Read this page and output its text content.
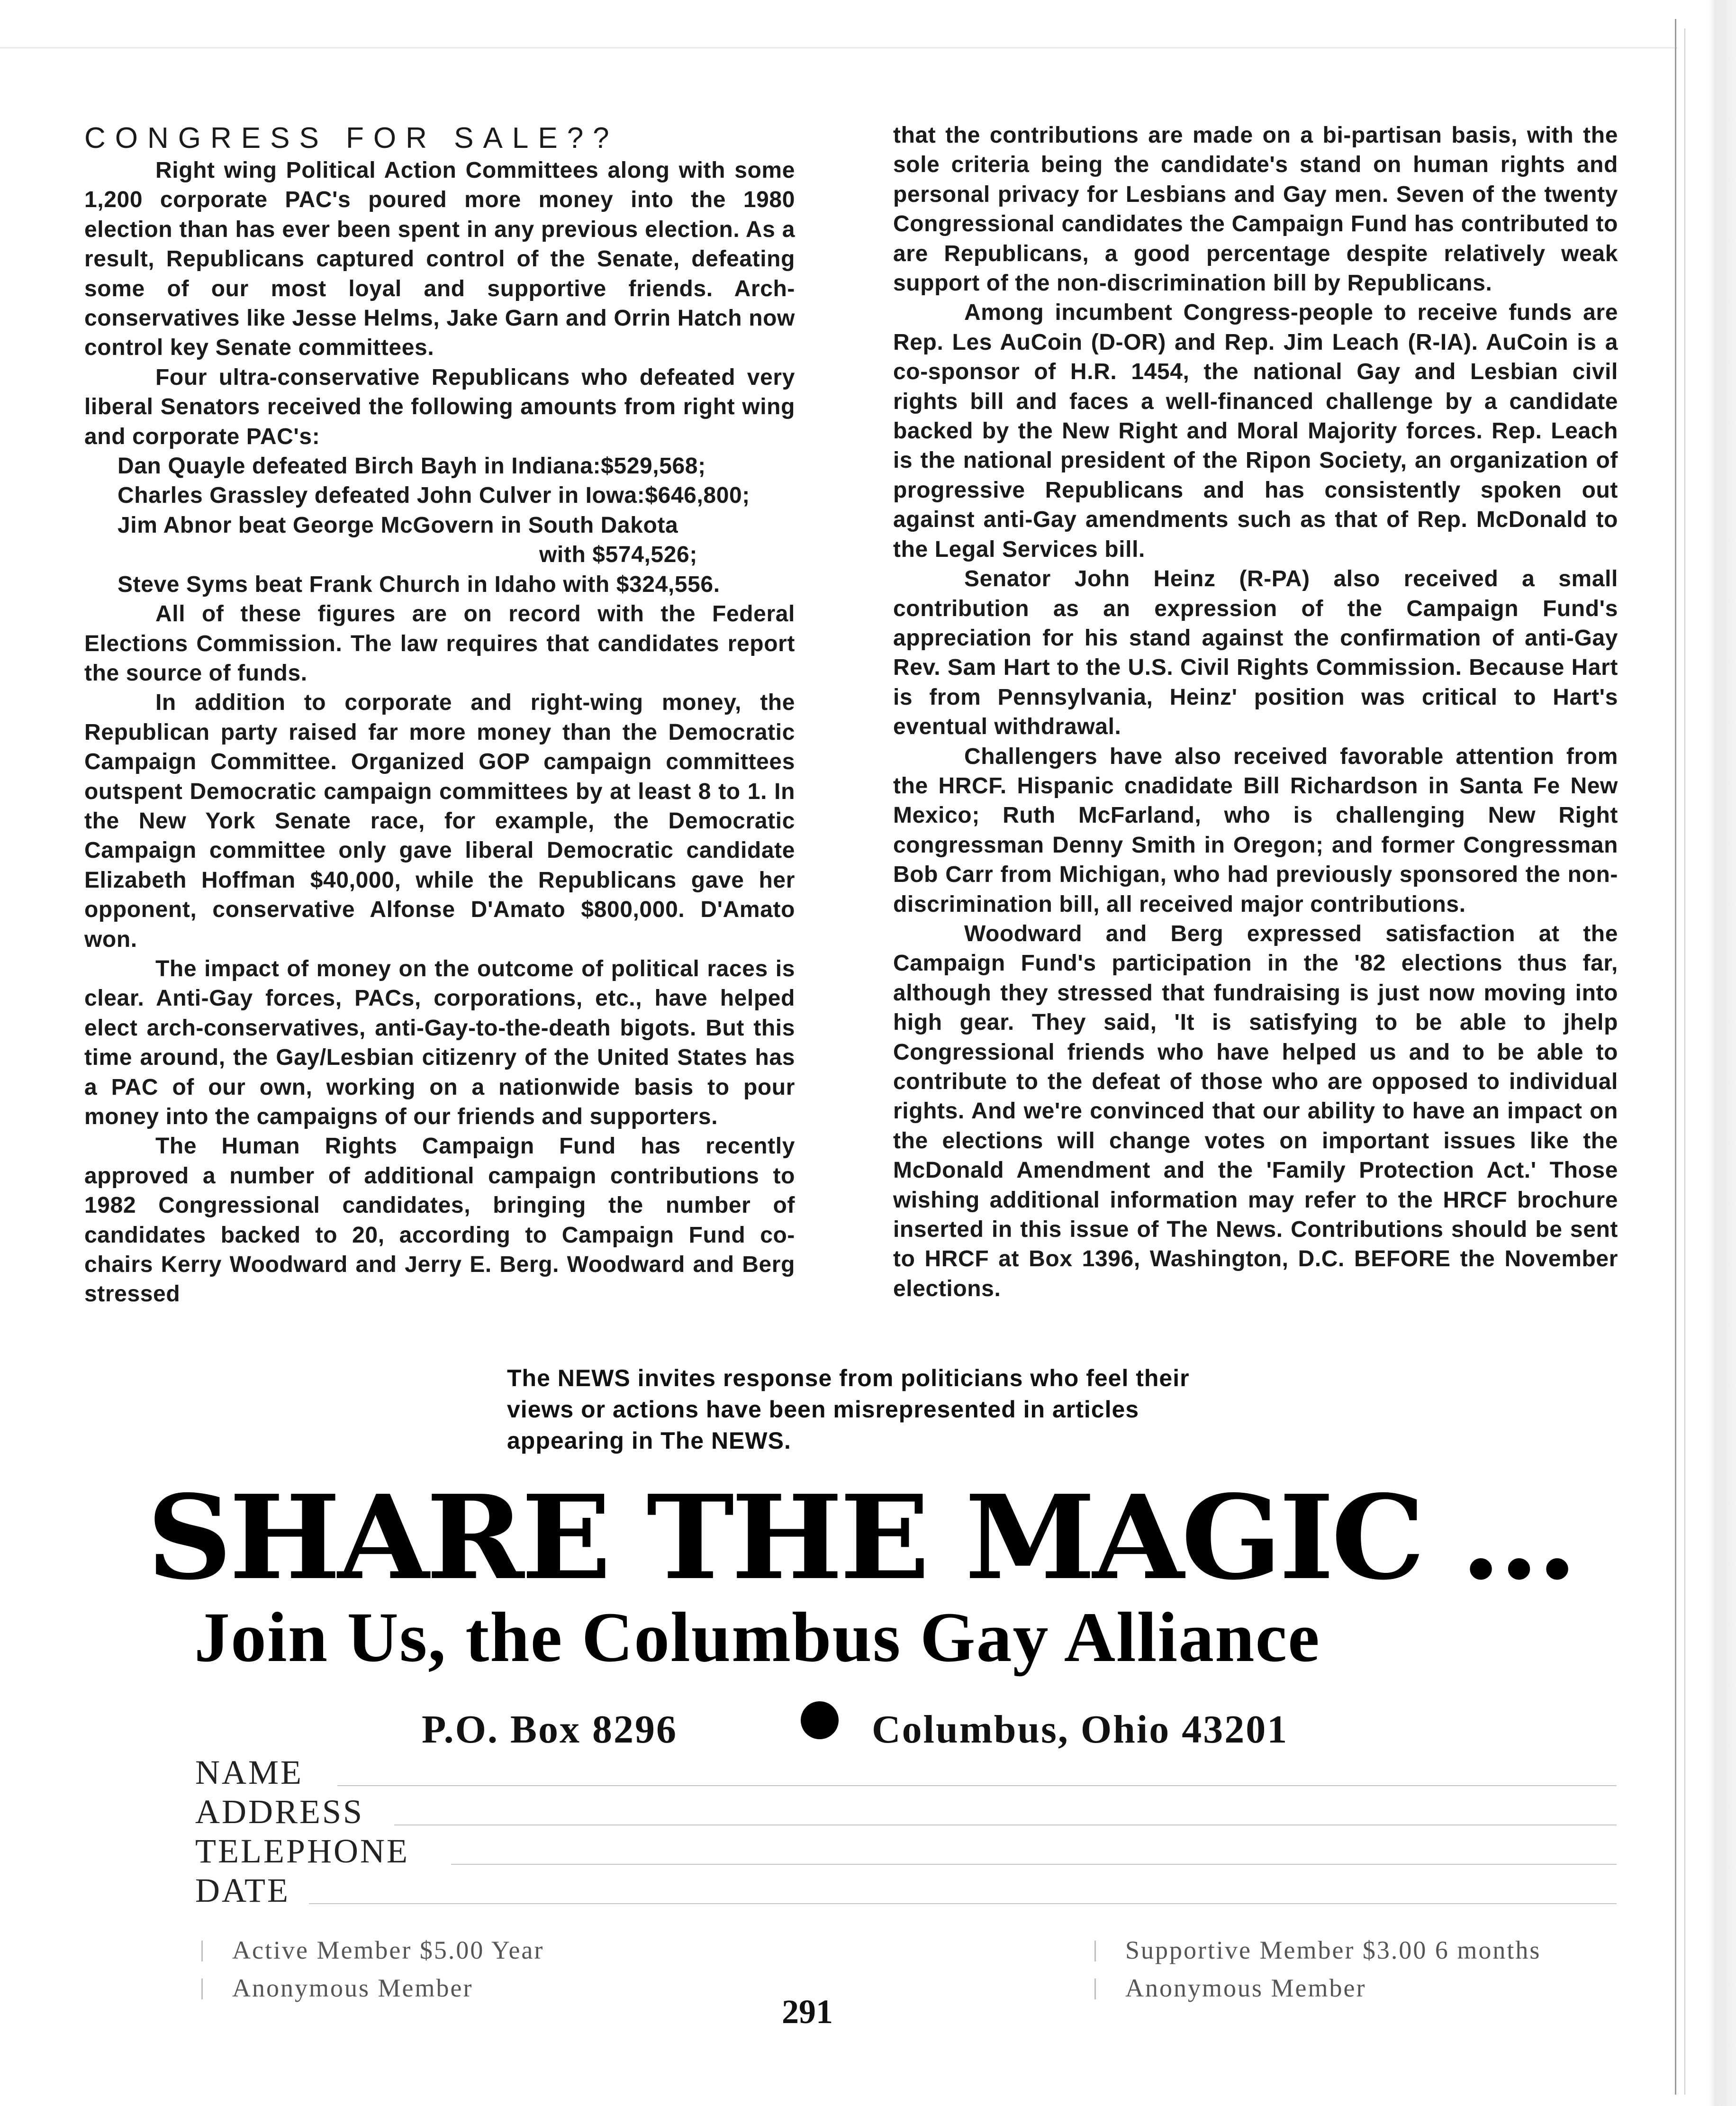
CONGRESS FOR SALE??

Right wing Political Action Committees along with some 1,200 corporate PAC's poured more money into the 1980 election than has ever been spent in any previous election. As a result, Republicans captured control of the Senate, defeating some of our most loyal and supportive friends. Arch-conservatives like Jesse Helms, Jake Garn and Orrin Hatch now control key Senate committees.

Four ultra-conservative Republicans who defeated very liberal Senators received the following amounts from right wing and corporate PAC's:

Dan Quayle defeated Birch Bayh in Indiana:$529,568;
Charles Grassley defeated John Culver in Iowa:$646,800;
Jim Abnor beat George McGovern in South Dakota
with $574,526;
Steve Syms beat Frank Church in Idaho with $324,556.

All of these figures are on record with the Federal Elections Commission. The law requires that candidates report the source of funds.

In addition to corporate and right-wing money, the Republican party raised far more money than the Democratic Campaign Committee. Organized GOP campaign committees outspent Democratic campaign committees by at least 8 to 1. In the New York Senate race, for example, the Democratic Campaign committee only gave liberal Democratic candidate Elizabeth Hoffman $40,000, while the Republicans gave her opponent, conservative Alfonse D'Amato $800,000. D'Amato won.

The impact of money on the outcome of political races is clear. Anti-Gay forces, PACs, corporations, etc., have helped elect arch-conservatives, anti-Gay-to-the-death bigots. But this time around, the Gay/Lesbian citizenry of the United States has a PAC of our own, working on a nationwide basis to pour money into the campaigns of our friends and supporters.

The Human Rights Campaign Fund has recently approved a number of additional campaign contributions to 1982 Congressional candidates, bringing the number of candidates backed to 20, according to Campaign Fund co-chairs Kerry Woodward and Jerry E. Berg. Woodward and Berg stressed

that the contributions are made on a bi-partisan basis, with the sole criteria being the candidate's stand on human rights and personal privacy for Lesbians and Gay men. Seven of the twenty Congressional candidates the Campaign Fund has contributed to are Republicans, a good percentage despite relatively weak support of the non-discrimination bill by Republicans.

Among incumbent Congress-people to receive funds are Rep. Les AuCoin (D-OR) and Rep. Jim Leach (R-IA). AuCoin is a co-sponsor of H.R. 1454, the national Gay and Lesbian civil rights bill and faces a well-financed challenge by a candidate backed by the New Right and Moral Majority forces. Rep. Leach is the national president of the Ripon Society, an organization of progressive Republicans and has consistently spoken out against anti-Gay amendments such as that of Rep. McDonald to the Legal Services bill.

Senator John Heinz (R-PA) also received a small contribution as an expression of the Campaign Fund's appreciation for his stand against the confirmation of anti-Gay Rev. Sam Hart to the U.S. Civil Rights Commission. Because Hart is from Pennsylvania, Heinz' position was critical to Hart's eventual withdrawal.

Challengers have also received favorable attention from the HRCF. Hispanic cnadidate Bill Richardson in Santa Fe New Mexico; Ruth McFarland, who is challenging New Right congressman Denny Smith in Oregon; and former Congressman Bob Carr from Michigan, who had previously sponsored the non-discrimination bill, all received major contributions.

Woodward and Berg expressed satisfaction at the Campaign Fund's participation in the '82 elections thus far, although they stressed that fundraising is just now moving into high gear. They said, 'It is satisfying to be able to jhelp Congressional friends who have helped us and to be able to contribute to the defeat of those who are opposed to individual rights. And we're convinced that our ability to have an impact on the elections will change votes on important issues like the McDonald Amendment and the 'Family Protection Act.' Those wishing additional information may refer to the HRCF brochure inserted in this issue of The News. Contributions should be sent to HRCF at Box 1396, Washington, D.C. BEFORE the November elections.

The NEWS invites response from politicians who feel their views or actions have been misrepresented in articles appearing in The NEWS.
SHARE THE MAGIC ...
Join Us, the Columbus Gay Alliance
P.O. Box 8296	Columbus, Ohio 43201
NAME
ADDRESS
TELEPHONE
DATE
Active Member $5.00 Year
Anonymous Member
Supportive Member $3.00 6 months
Anonymous Member
291
